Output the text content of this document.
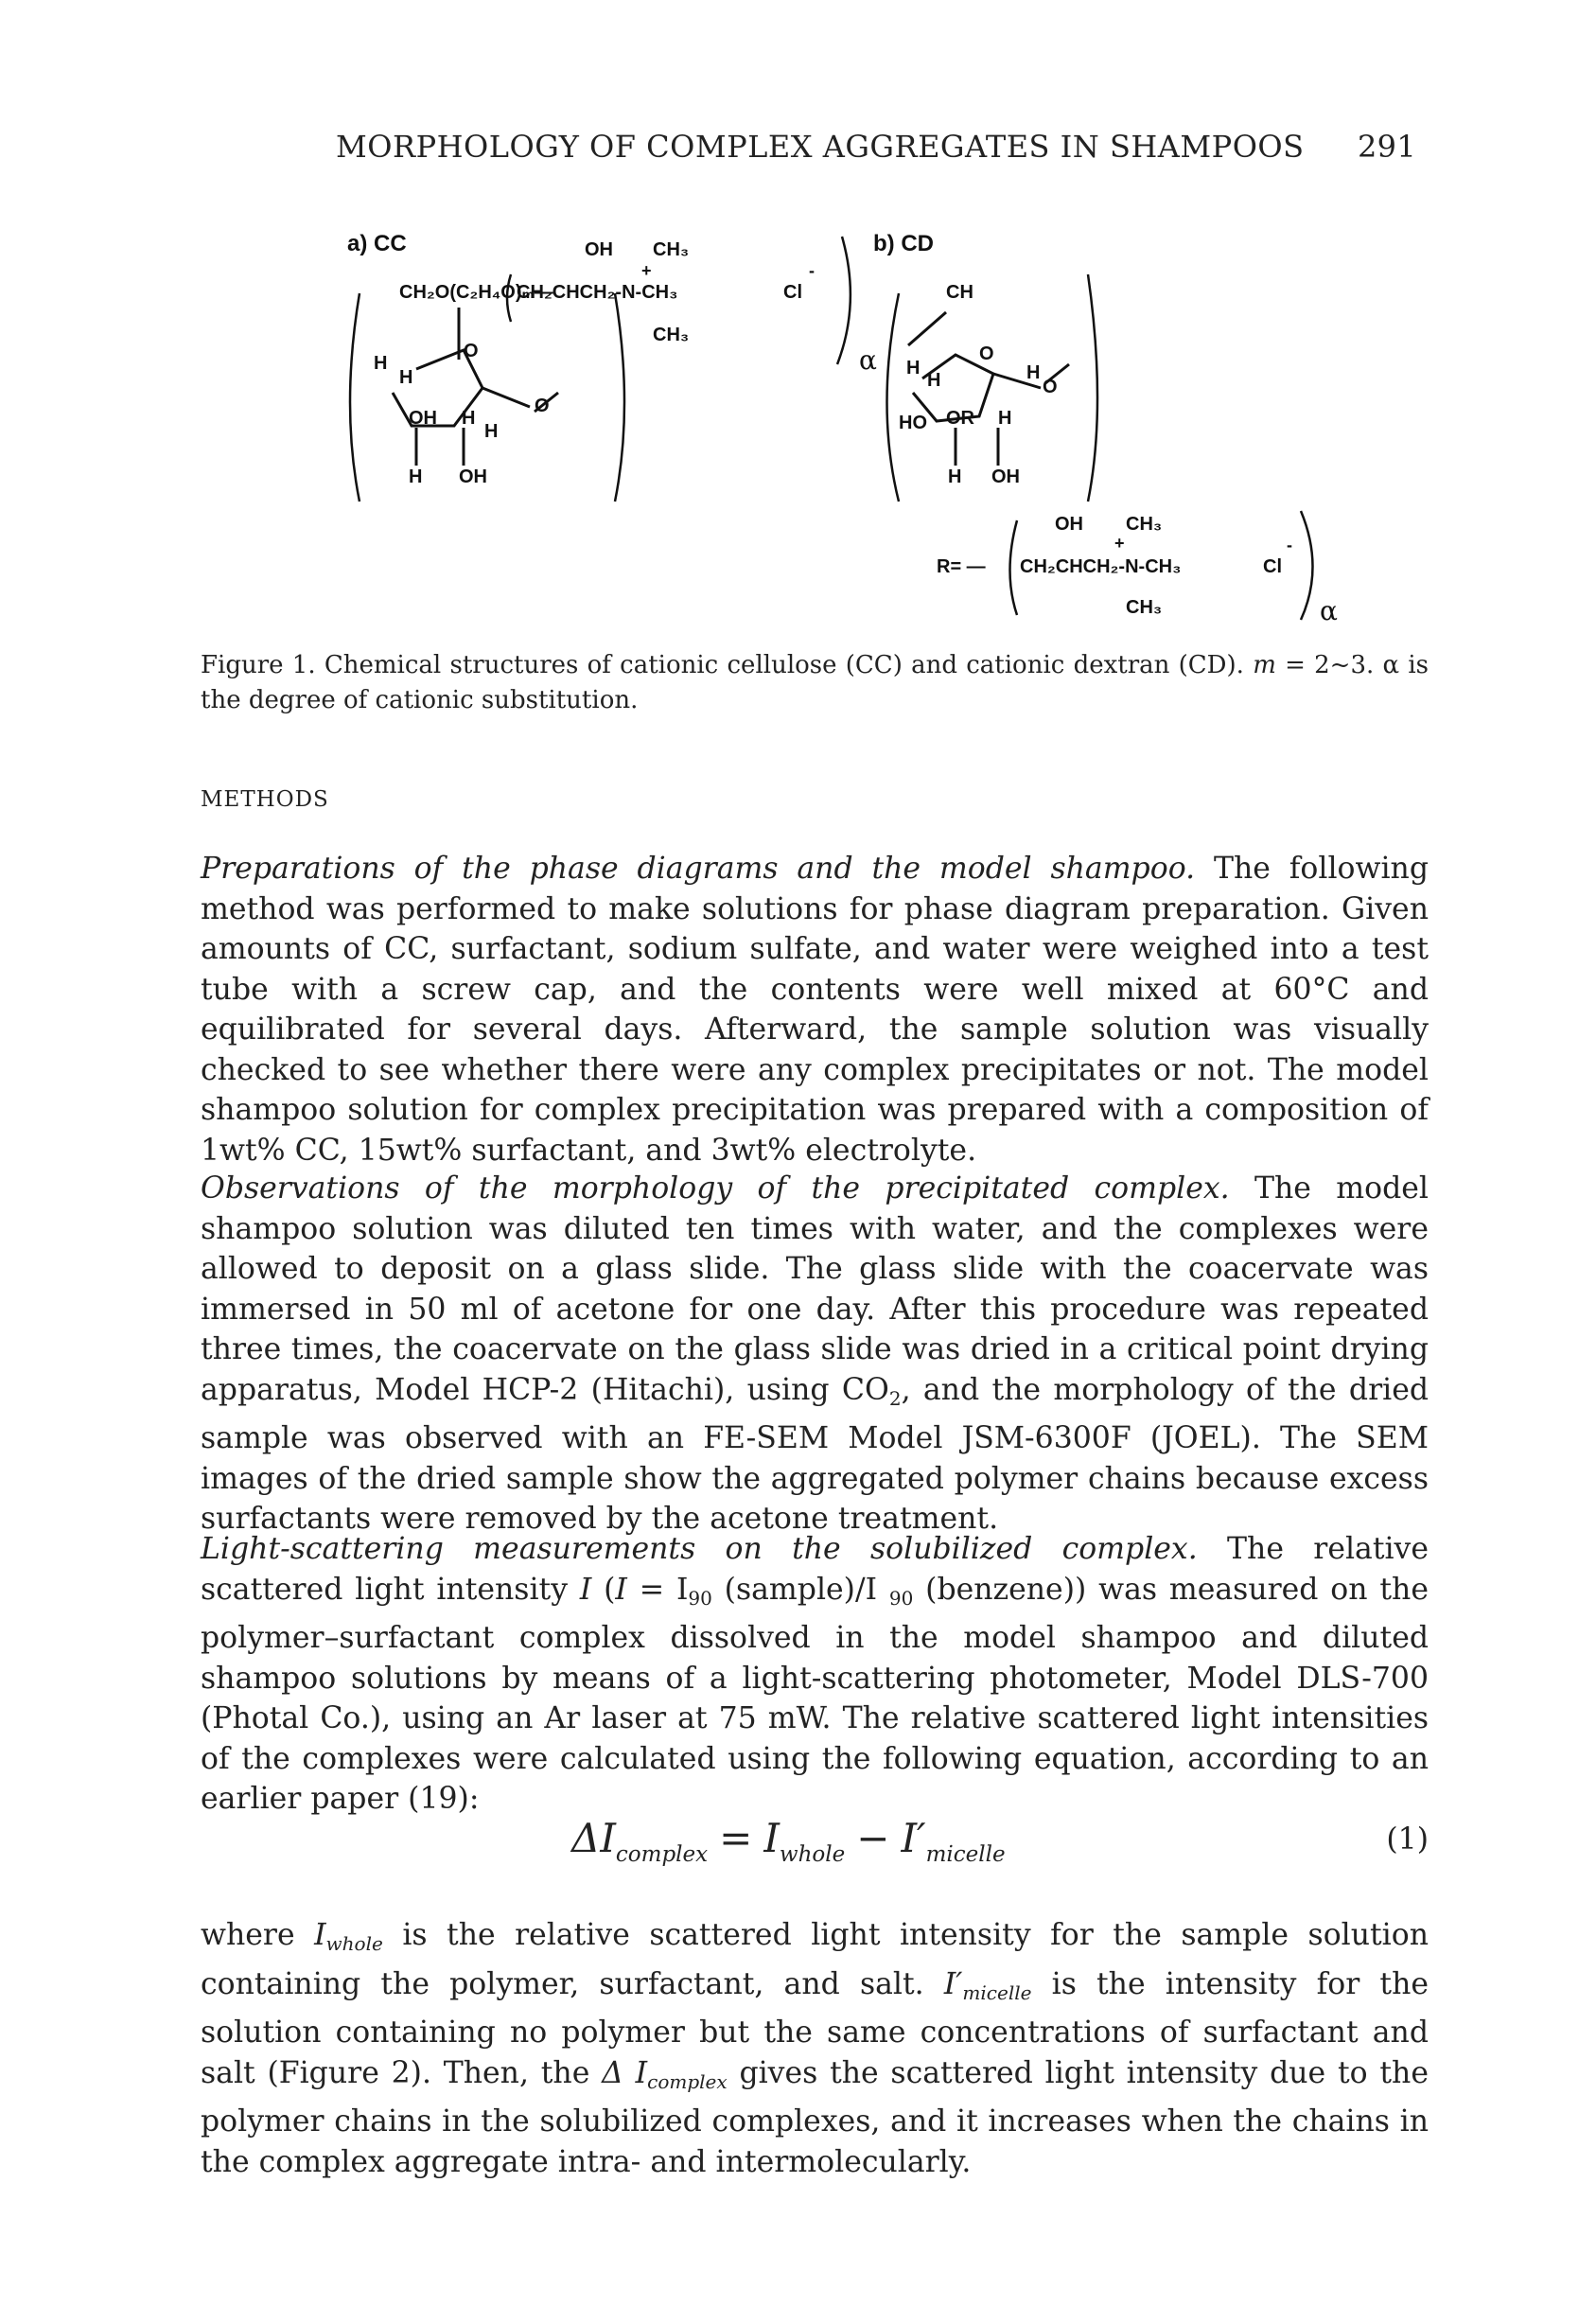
MORPHOLOGY OF COMPLEX AGGREGATES IN SHAMPOOS 291
a) CC
CH₂O(C₂H₄O)ₘ—
OH CH₃
+
CH₂CHCH₂-N-CH₃	Cl
-
CH₃
α
H
H
O
OH H
H
O
H OH
b) CD
CH
H
H
O
H
O
HO OR H
H OH
R= —
OH CH₃
+
CH₂CHCH₂-N-CH₃	Cl
-
CH₃	α
Figure 1. Chemical structures of cationic cellulose (CC) and cationic dextran (CD). m = 2~3. α is the degree of cationic substitution.
METHODS

Preparations of the phase diagrams and the model shampoo. The following method was performed to make solutions for phase diagram preparation. Given amounts of CC, surfactant, sodium sulfate, and water were weighed into a test tube with a screw cap, and the contents were well mixed at 60°C and equilibrated for several days. Afterward, the sample solution was visually checked to see whether there were any complex precipitates or not. The model shampoo solution for complex precipitation was prepared with a composition of 1wt% CC, 15wt% surfactant, and 3wt% electrolyte.

Observations of the morphology of the precipitated complex. The model shampoo solution was diluted ten times with water, and the complexes were allowed to deposit on a glass slide. The glass slide with the coacervate was immersed in 50 ml of acetone for one day. After this procedure was repeated three times, the coacervate on the glass slide was dried in a critical point drying apparatus, Model HCP-2 (Hitachi), using $CO_2$, and the morphology of the dried sample was observed with an FE-SEM Model JSM-6300F (JOEL). The SEM images of the dried sample show the aggregated polymer chains because excess surfactants were removed by the acetone treatment.

Light-scattering measurements on the solubilized complex. The relative scattered light intensity I ($I = I_{90}$ (sample)/I $_{90}$ (benzene)) was measured on the polymer–surfactant complex dissolved in the model shampoo and diluted shampoo solutions by means of a light-scattering photometer, Model DLS-700 (Photal Co.), using an Ar laser at 75 mW. The relative scattered light intensities of the complexes were calculated using the following equation, according to an earlier paper (19):

$\Delta I_{complex} = I_{whole} - I'_{micelle}$	(1)

where $I_{whole}$ is the relative scattered light intensity for the sample solution containing the polymer, surfactant, and salt. $I'_{micelle}$ is the intensity for the solution containing no polymer but the same concentrations of surfactant and salt (Figure 2). Then, the Δ $I_{complex}$ gives the scattered light intensity due to the polymer chains in the solubilized complexes, and it increases when the chains in the complex aggregate intra- and intermolecularly.
